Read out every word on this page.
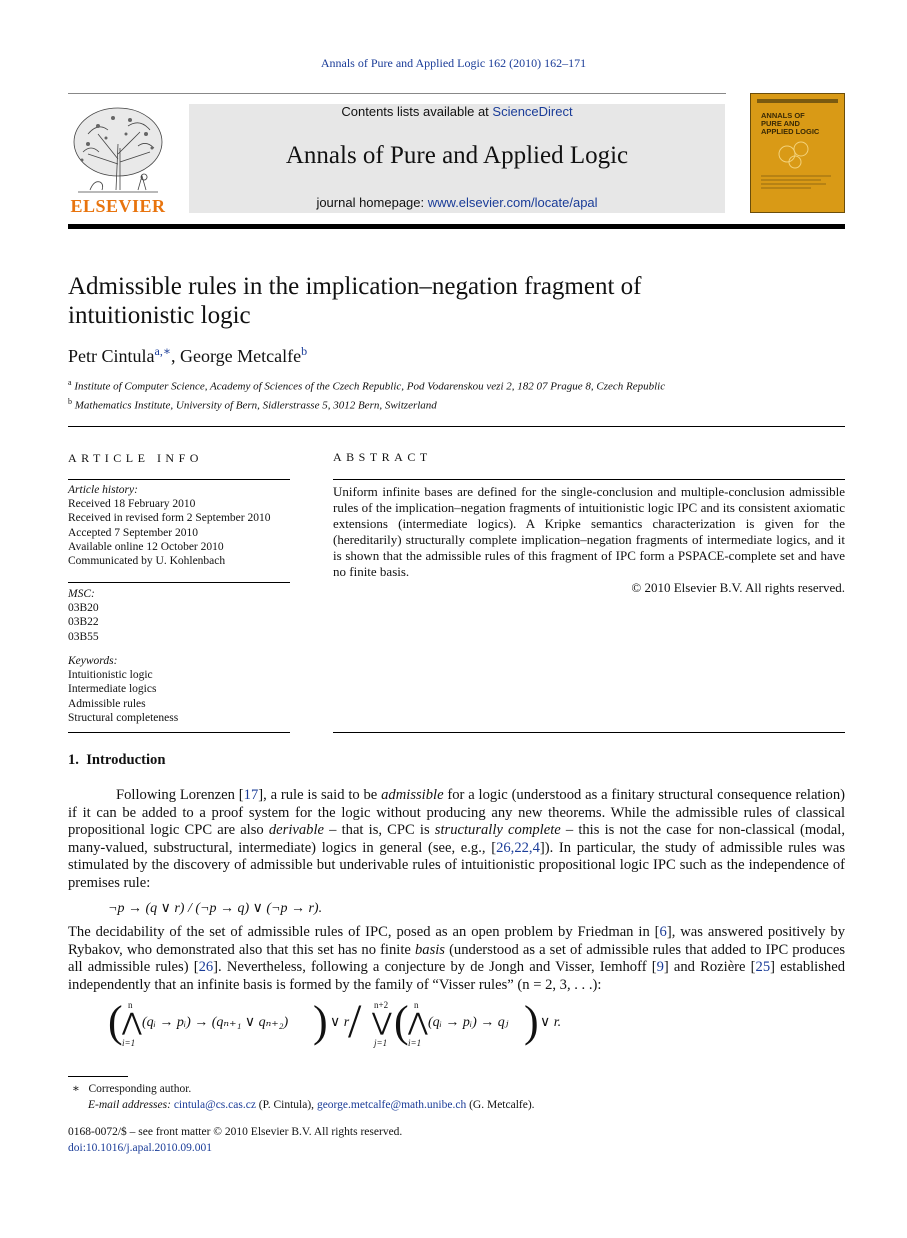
Annals of Pure and Applied Logic 162 (2010) 162–171
ELSEVIER
Contents lists available at ScienceDirect
Annals of Pure and Applied Logic
journal homepage: www.elsevier.com/locate/apal
ANNALS OF PURE AND APPLIED LOGIC
Admissible rules in the implication–negation fragment of
intuitionistic logic
Petr Cintula$^{a,∗}$, George Metcalfe$^b$
$^a$ Institute of Computer Science, Academy of Sciences of the Czech Republic, Pod Vodarenskou vezi 2, 182 07 Prague 8, Czech Republic
$^b$ Mathematics Institute, University of Bern, Sidlerstrasse 5, 3012 Bern, Switzerland
ARTICLE INFO
Article history:
Received 18 February 2010
Received in revised form 2 September 2010
Accepted 7 September 2010
Available online 12 October 2010
Communicated by U. Kohlenbach
MSC:
03B20
03B22
03B55
Keywords:
Intuitionistic logic
Intermediate logics
Admissible rules
Structural completeness
ABSTRACT
Uniform infinite bases are defined for the single-conclusion and multiple-conclusion admissible rules of the implication–negation fragments of intuitionistic logic IPC and its consistent axiomatic extensions (intermediate logics). A Kripke semantics characterization is given for the (hereditarily) structurally complete implication–negation fragments of intermediate logics, and it is shown that the admissible rules of this fragment of IPC form a PSPACE-complete set and have no finite basis.
© 2010 Elsevier B.V. All rights reserved.
1. Introduction
Following Lorenzen [17], a rule is said to be admissible for a logic (understood as a finitary structural consequence relation) if it can be added to a proof system for the logic without producing any new theorems. While the admissible rules of classical propositional logic CPC are also derivable – that is, CPC is structurally complete – this is not the case for non-classical (modal, many-valued, substructural, intermediate) logics in general (see, e.g., [26,22,4]). In particular, the study of admissible rules was stimulated by the discovery of admissible but underivable rules of intuitionistic propositional logic IPC such as the independence of premises rule:
¬p → (q ∨ r) / (¬p → q) ∨ (¬p → r).
The decidability of the set of admissible rules of IPC, posed as an open problem by Friedman in [6], was answered positively by Rybakov, who demonstrated also that this set has no finite basis (understood as a set of admissible rules that added to IPC produces all admissible rules) [26]. Nevertheless, following a conjecture by de Jongh and Visser, Iemhoff [9] and Rozière [25] established independently that an infinite basis is formed by the family of “Visser rules” (n = 2, 3, . . .):
( n
⋀
i=1
(qᵢ → pᵢ) → (qₙ₊₁ ∨ qₙ₊₂) ) ∨ r
/ n+2
⋁
j=1 ( n
⋀
i=1
(qᵢ → pᵢ) → qⱼ ) ∨ r.
∗ Corresponding author.
E-mail addresses: cintula@cs.cas.cz (P. Cintula), george.metcalfe@math.unibe.ch (G. Metcalfe).
0168-0072/$ – see front matter © 2010 Elsevier B.V. All rights reserved.
doi:10.1016/j.apal.2010.09.001
